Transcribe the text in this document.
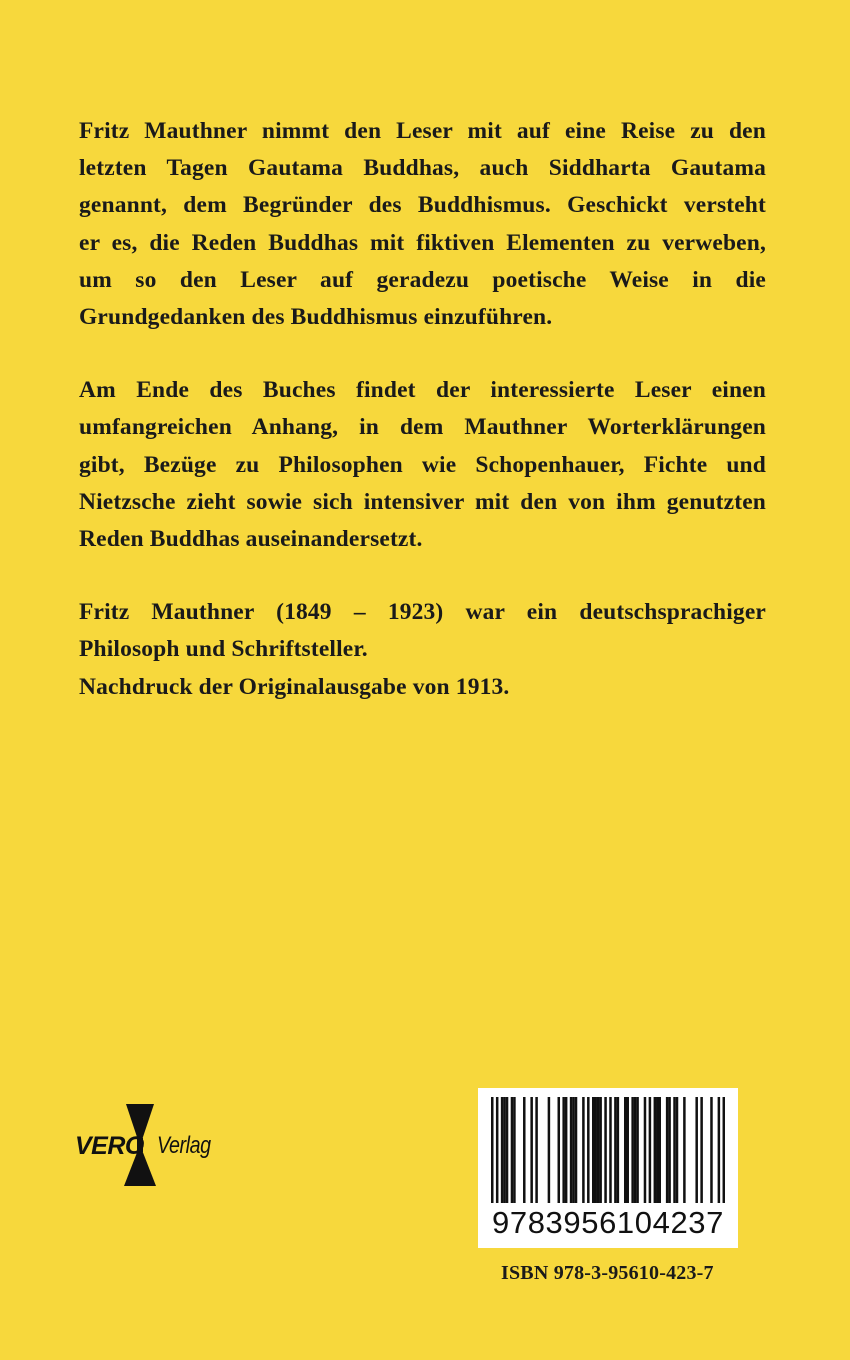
Fritz Mauthner nimmt den Leser mit auf eine Reise zu den
letzten Tagen Gautama Buddhas, auch Siddharta Gautama
genannt, dem Begründer des Buddhismus. Geschickt versteht
er es, die Reden Buddhas mit fiktiven Elementen zu verweben,
um so den Leser auf geradezu poetische Weise in die
Grundgedanken des Buddhismus einzuführen.

Am Ende des Buches findet der interessierte Leser einen
umfangreichen Anhang, in dem Mauthner Worterklärungen
gibt, Bezüge zu Philosophen wie Schopenhauer, Fichte und
Nietzsche zieht sowie sich intensiver mit den von ihm genutzten
Reden Buddhas auseinandersetzt.

Fritz Mauthner (1849 – 1923) war ein deutschsprachiger
Philosoph und Schriftsteller.
Nachdruck der Originalausgabe von 1913.

VERO Verlag
9783956104237
ISBN 978-3-95610-423-7
